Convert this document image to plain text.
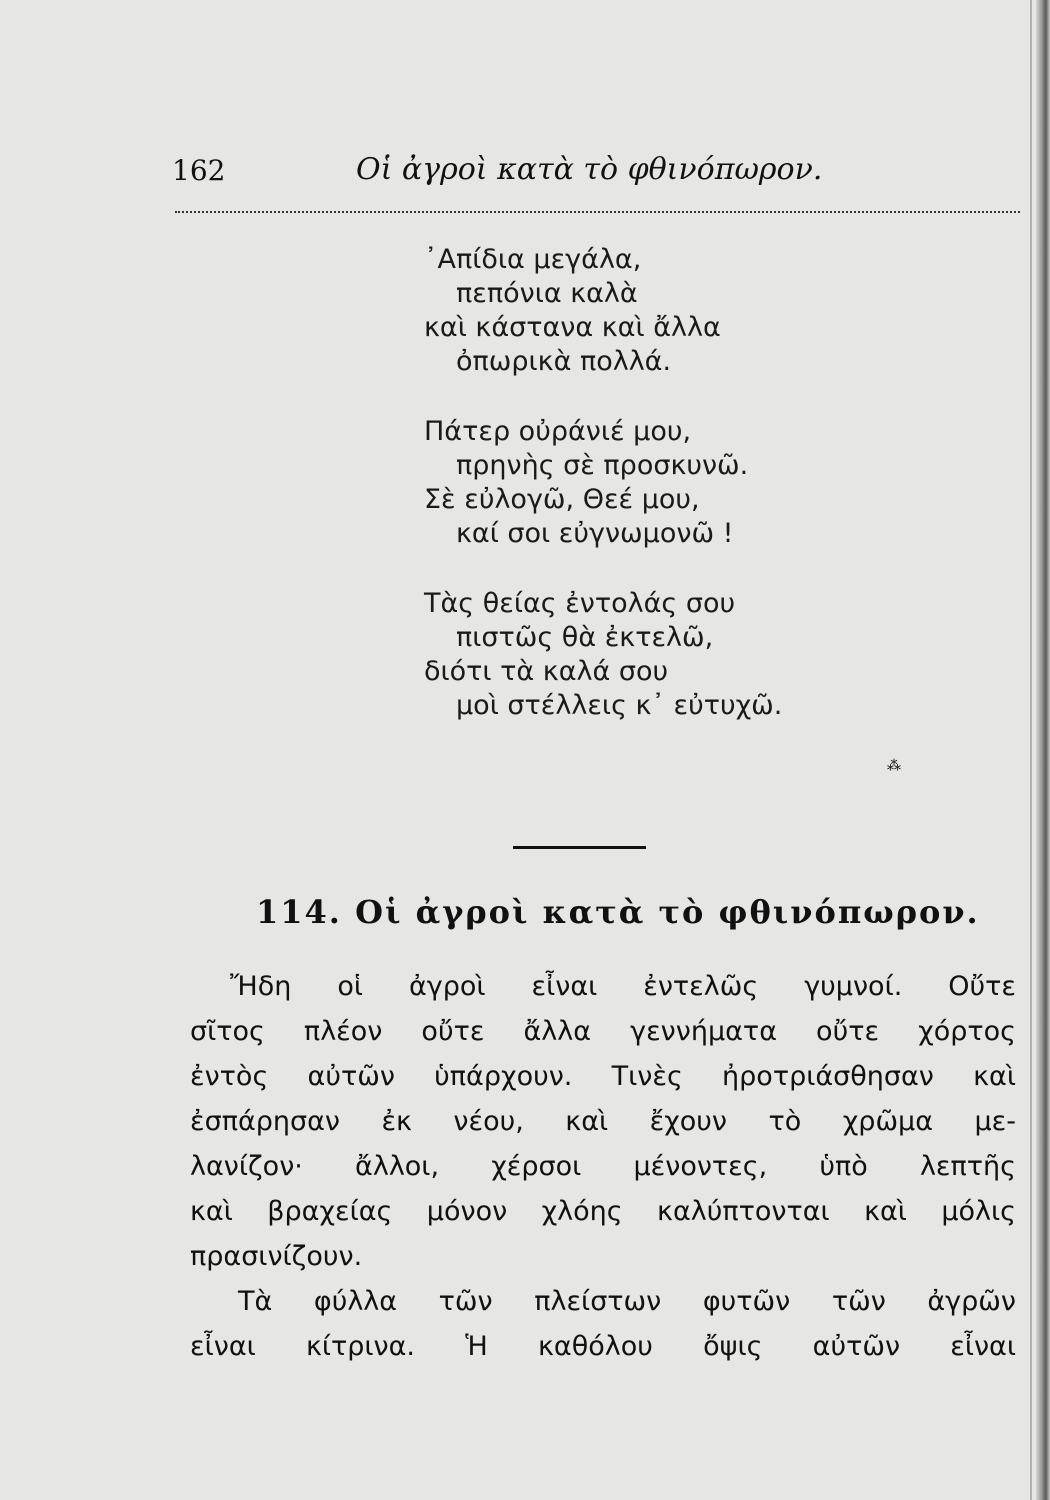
162	Οἱ ἀγροὶ κατὰ τὸ φθινόπωρον.
᾿Απίδια μεγάλα,
πεπόνια καλὰ
καὶ κάστανα καὶ ἄλλα
ὀπωρικὰ πολλά.
Πάτερ οὐράνιέ μου,
πρηνὴς σὲ προσκυνῶ.
Σὲ εὐλογῶ, Θεέ μου,
καί σοι εὐγνωμονῶ !
Τὰς θείας ἐντολάς σου
πιστῶς θὰ ἐκτελῶ,
διότι τὰ καλά σου
μοὶ στέλλεις κ᾿ εὐτυχῶ.
⁂
114. Οἱ ἀγροὶ κατὰ τὸ φθινόπωρον.
Ἤδη οἱ ἀγροὶ εἶναι ἐντελῶς γυμνοί. Οὔτε
σῖτος πλέον οὔτε ἄλλα γεννήματα οὔτε χόρτος
ἐντὸς αὐτῶν ὑπάρχουν. Τινὲς ἠροτριάσθησαν καὶ
ἐσπάρησαν ἐκ νέου, καὶ ἔχουν τὸ χρῶμα με-
λανίζον· ἄλλοι, χέρσοι μένοντες, ὑπὸ λεπτῆς
καὶ βραχείας μόνον χλόης καλύπτονται καὶ μόλις
πρασινίζουν.
Τὰ φύλλα τῶν πλείστων φυτῶν τῶν ἀγρῶν
εἶναι κίτρινα. Ἡ καθόλου ὄψις αὐτῶν εἶναι
